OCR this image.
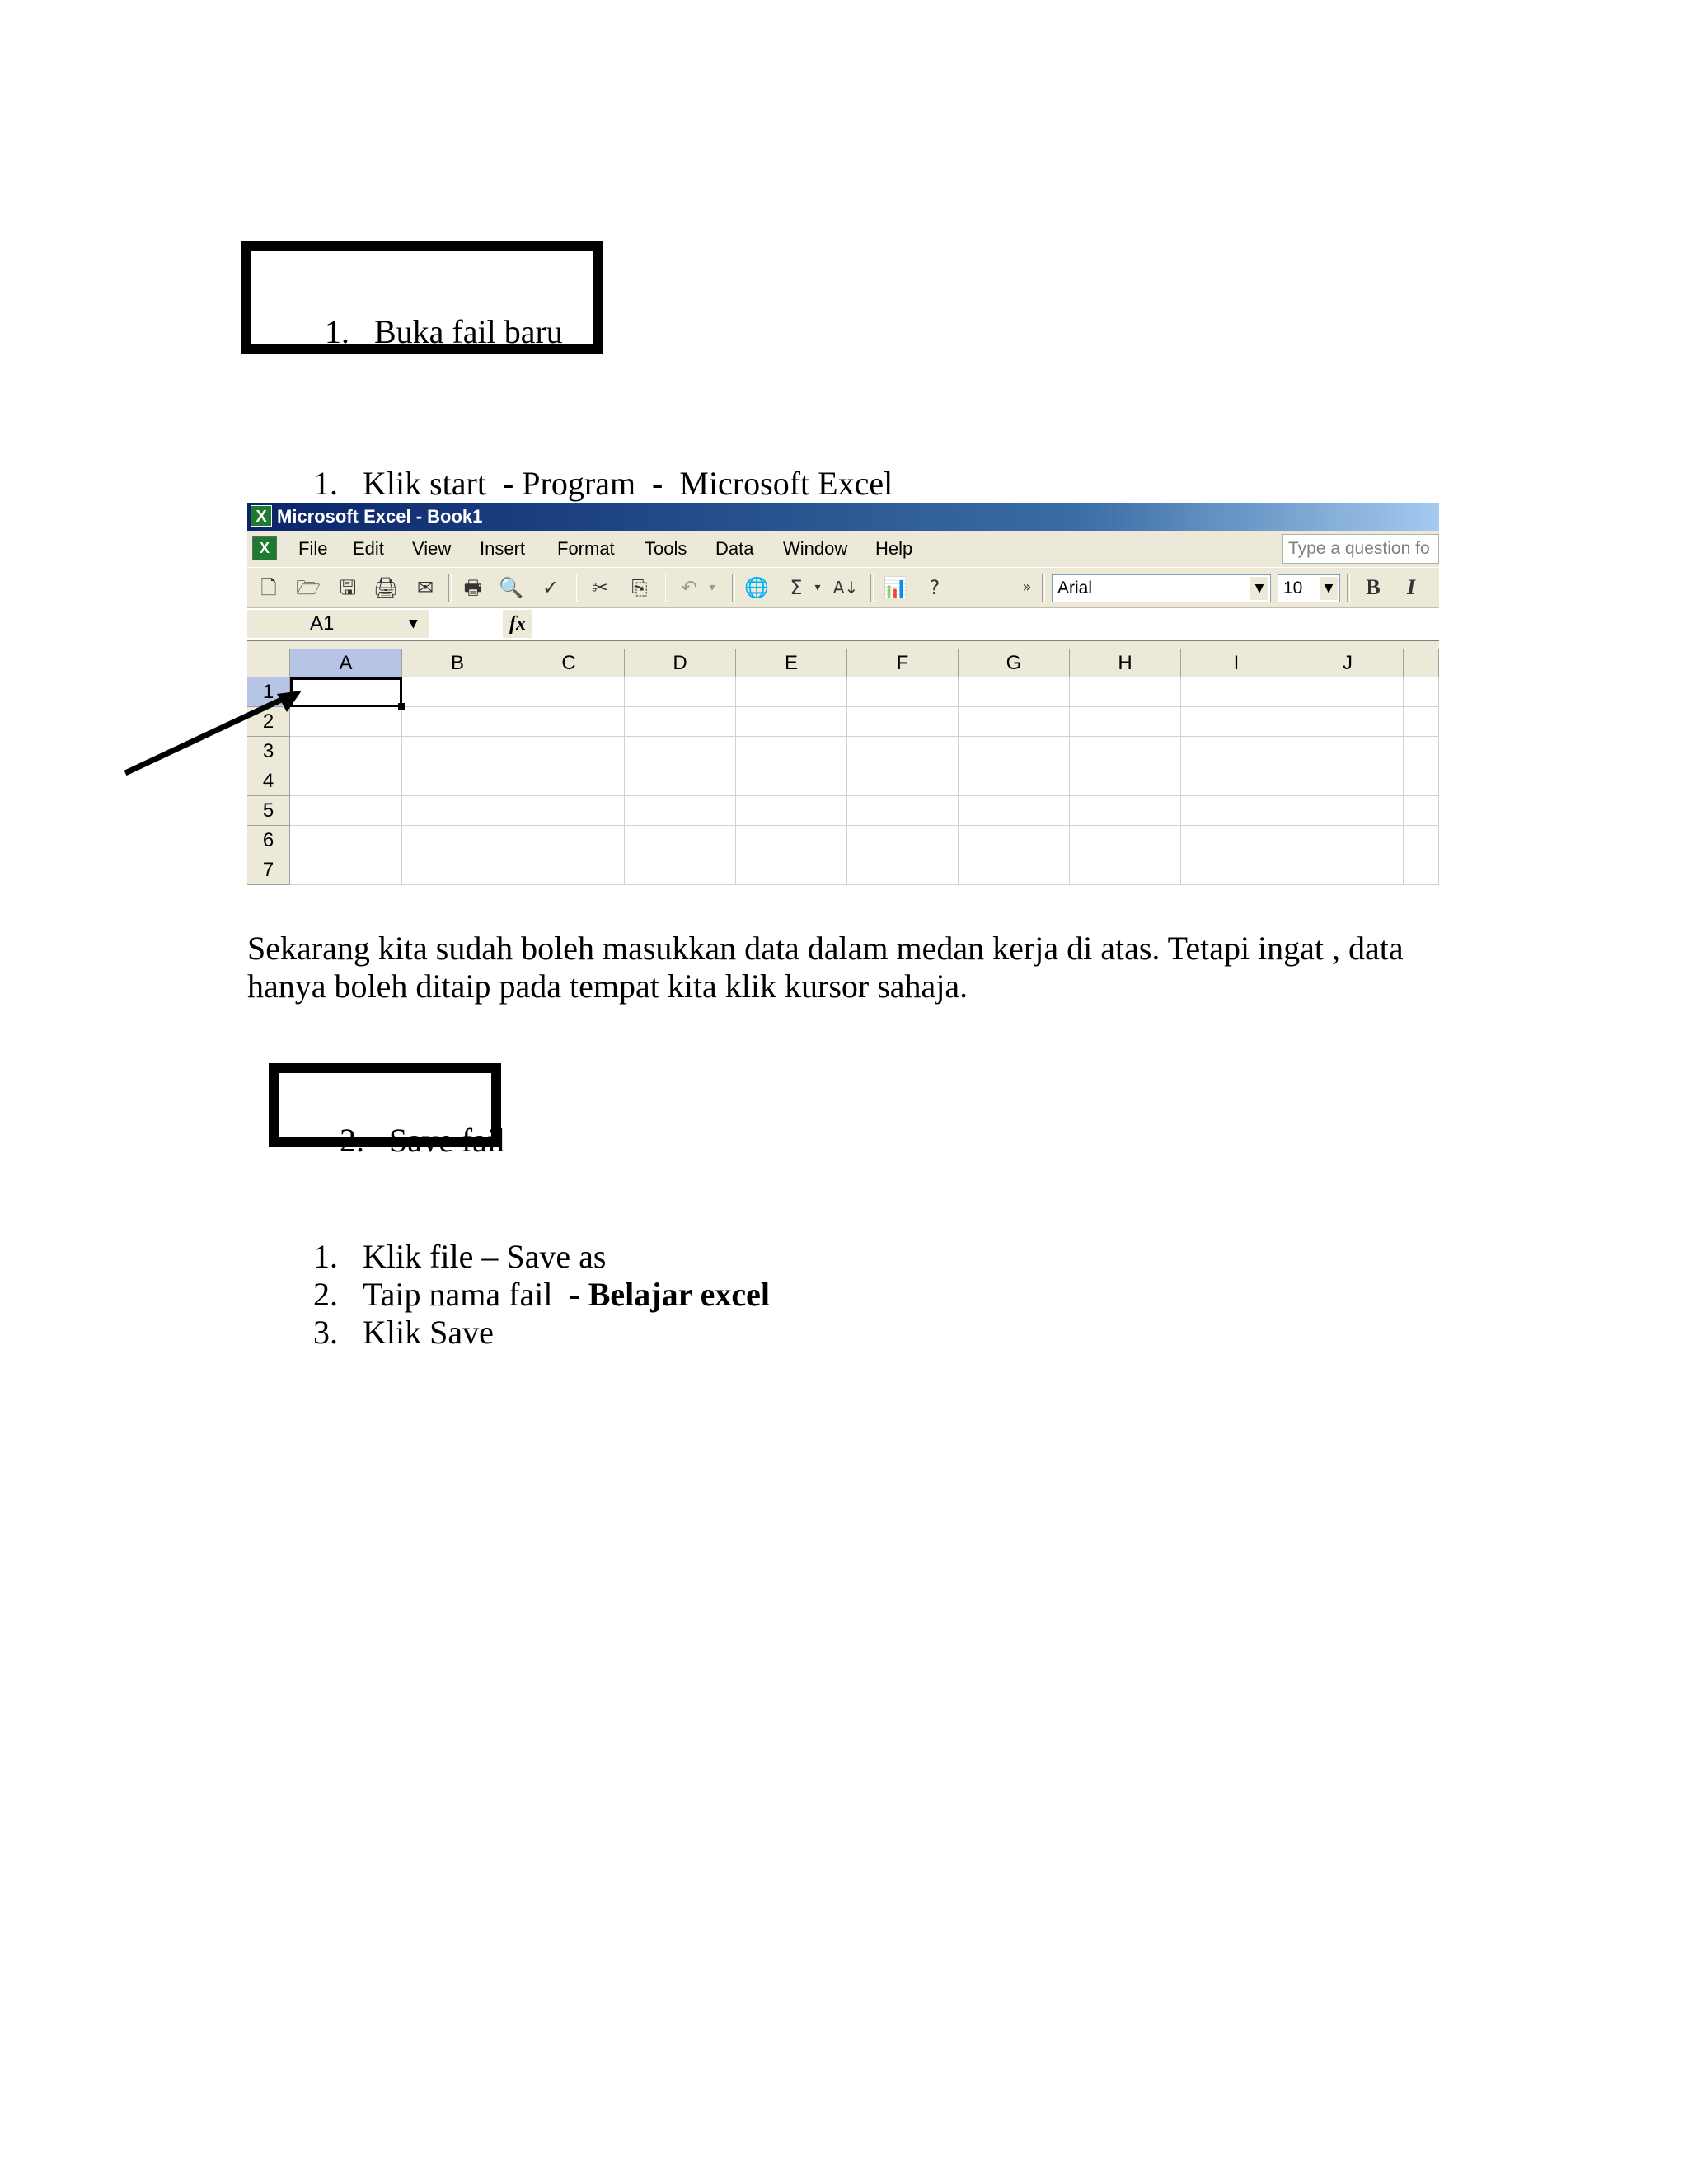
1. Buka fail baru

1. Klik start  - Program  -  Microsoft Excel

X Microsoft Excel - Book1
X	File Edit View Insert Format Tools Data Window Help	Type a question fo
🗋 🗁 🖫 🖨 ✉ 🖶 🔍 ✓ ✂ ⎘ ↶	▾	🌐	Σ	▾ A↓ 📊	?	»	Arial	▼	10	▼ B	I
A1	▼	fx
A	B	C	D	E	F	G	H	I	J
1
2
3
4
5
6
7
Sekarang kita sudah boleh masukkan data dalam medan kerja di atas. Tetapi ingat , data hanya boleh ditaip pada tempat kita klik kursor sahaja.

2. Save fail

1. Klik file – Save as

2. Taip nama fail  - Belajar excel

3. Klik Save
